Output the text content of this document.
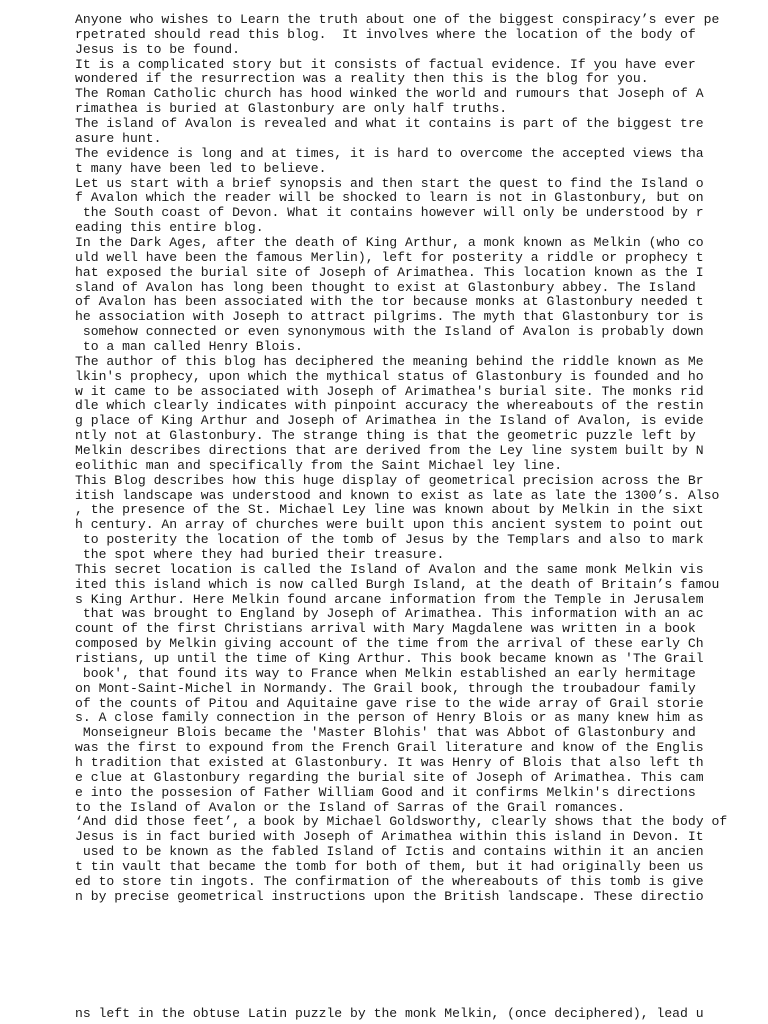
Anyone who wishes to Learn the truth about one of the biggest conspiracy’s ever pe

rpetrated should read this blog.  It involves where the location of the body of

Jesus is to be found.

It is a complicated story but it consists of factual evidence. If you have ever

wondered if the resurrection was a reality then this is the blog for you.

The Roman Catholic church has hood winked the world and rumours that Joseph of A

rimathea is buried at Glastonbury are only half truths.

The island of Avalon is revealed and what it contains is part of the biggest tre

asure hunt.

The evidence is long and at times, it is hard to overcome the accepted views tha

t many have been led to believe.

Let us start with a brief synopsis and then start the quest to find the Island o

f Avalon which the reader will be shocked to learn is not in Glastonbury, but on

the South coast of Devon. What it contains however will only be understood by r

eading this entire blog.

In the Dark Ages, after the death of King Arthur, a monk known as Melkin (who co

uld well have been the famous Merlin), left for posterity a riddle or prophecy t

hat exposed the burial site of Joseph of Arimathea. This location known as the I

sland of Avalon has long been thought to exist at Glastonbury abbey. The Island

of Avalon has been associated with the tor because monks at Glastonbury needed t

he association with Joseph to attract pilgrims. The myth that Glastonbury tor is

somehow connected or even synonymous with the Island of Avalon is probably down

to a man called Henry Blois.

The author of this blog has deciphered the meaning behind the riddle known as Me

lkin's prophecy, upon which the mythical status of Glastonbury is founded and ho

w it came to be associated with Joseph of Arimathea's burial site. The monks rid

dle which clearly indicates with pinpoint accuracy the whereabouts of the restin

g place of King Arthur and Joseph of Arimathea in the Island of Avalon, is evide

ntly not at Glastonbury. The strange thing is that the geometric puzzle left by

Melkin describes directions that are derived from the Ley line system built by N

eolithic man and specifically from the Saint Michael ley line.

This Blog describes how this huge display of geometrical precision across the Br

itish landscape was understood and known to exist as late as late the 1300’s. Also

, the presence of the St. Michael Ley line was known about by Melkin in the sixt

h century. An array of churches were built upon this ancient system to point out

to posterity the location of the tomb of Jesus by the Templars and also to mark

the spot where they had buried their treasure.

This secret location is called the Island of Avalon and the same monk Melkin vis

ited this island which is now called Burgh Island, at the death of Britain’s famou

s King Arthur. Here Melkin found arcane information from the Temple in Jerusalem

that was brought to England by Joseph of Arimathea. This information with an ac

count of the first Christians arrival with Mary Magdalene was written in a book

composed by Melkin giving account of the time from the arrival of these early Ch

ristians, up until the time of King Arthur. This book became known as 'The Grail

book', that found its way to France when Melkin established an early hermitage

on Mont-Saint-Michel in Normandy. The Grail book, through the troubadour family

of the counts of Pitou and Aquitaine gave rise to the wide array of Grail storie

s. A close family connection in the person of Henry Blois or as many knew him as

Monseigneur Blois became the 'Master Blohis' that was Abbot of Glastonbury and

was the first to expound from the French Grail literature and know of the Englis

h tradition that existed at Glastonbury. It was Henry of Blois that also left th

e clue at Glastonbury regarding the burial site of Joseph of Arimathea. This cam

e into the possesion of Father William Good and it confirms Melkin's directions

to the Island of Avalon or the Island of Sarras of the Grail romances.

‘And did those feet’, a book by Michael Goldsworthy, clearly shows that the body of

Jesus is in fact buried with Joseph of Arimathea within this island in Devon. It

used to be known as the fabled Island of Ictis and contains within it an ancien

t tin vault that became the tomb for both of them, but it had originally been us

ed to store tin ingots. The confirmation of the whereabouts of this tomb is give

n by precise geometrical instructions upon the British landscape. These directio

ns left in the obtuse Latin puzzle by the monk Melkin, (once deciphered), lead u
